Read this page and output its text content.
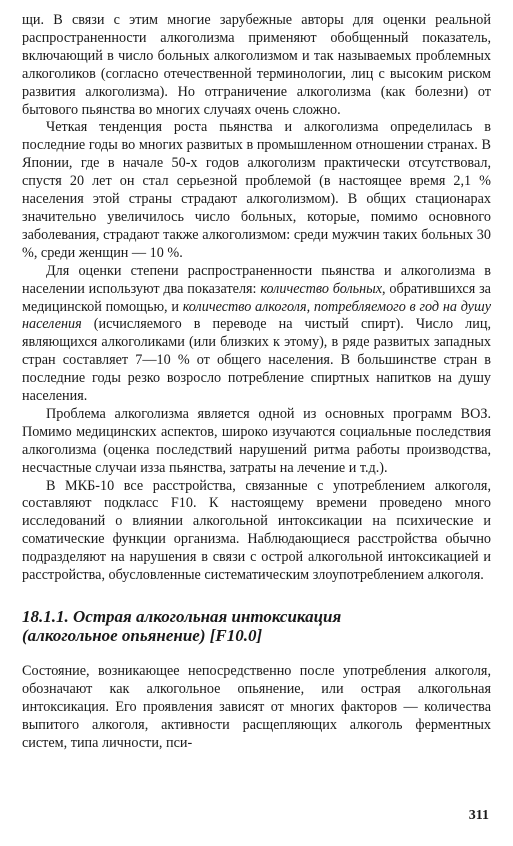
щи. В связи с этим многие зарубежные авторы для оценки реальной распространенности алкоголизма применяют обобщенный показатель, включающий в число больных алкоголизмом и так называемых проблемных алкоголиков (согласно отечественной терминологии, лиц с высоким риском развития алкоголизма). Но отграничение алкоголизма (как болезни) от бытового пьянства во многих случаях очень сложно.

Четкая тенденция роста пьянства и алкоголизма определилась в последние годы во многих развитых в промышленном отношении странах. В Японии, где в начале 50-х годов алкоголизм практически отсутствовал, спустя 20 лет он стал серьезной проблемой (в настоящее время 2,1 % населения этой страны страдают алкоголизмом). В общих стационарах значительно увеличилось число больных, которые, помимо основного заболевания, страдают также алкоголизмом: среди мужчин таких больных 30 %, среди женщин — 10 %.

Для оценки степени распространенности пьянства и алкоголизма в населении используют два показателя: количество больных, обратившихся за медицинской помощью, и количество алкоголя, потребляемого в год на душу населения (исчисляемого в переводе на чистый спирт). Число лиц, являющихся алкоголиками (или близких к этому), в ряде развитых западных стран составляет 7—10 % от общего населения. В большинстве стран в последние годы резко возросло потребление спиртных напитков на душу населения.

Проблема алкоголизма является одной из основных программ ВОЗ. Помимо медицинских аспектов, широко изучаются социальные последствия алкоголизма (оценка последствий нарушений ритма работы производства, несчастные случаи изза пьянства, затраты на лечение и т.д.).

В МКБ-10 все расстройства, связанные с употреблением алкоголя, составляют подкласс F10. К настоящему времени проведено много исследований о влиянии алкогольной интоксикации на психические и соматические функции организма. Наблюдающиеся расстройства обычно подразделяют на нарушения в связи с острой алкогольной интоксикацией и расстройства, обусловленные систематическим злоупотреблением алкоголя.

18.1.1. Острая алкогольная интоксикация
(алкогольное опьянение) [F10.0]

Состояние, возникающее непосредственно после употребления алкоголя, обозначают как алкогольное опьянение, или острая алкогольная интоксикация. Его проявления зависят от многих факторов — количества выпитого алкоголя, активности расщепляющих алкоголь ферментных систем, типа личности, пси-

311
